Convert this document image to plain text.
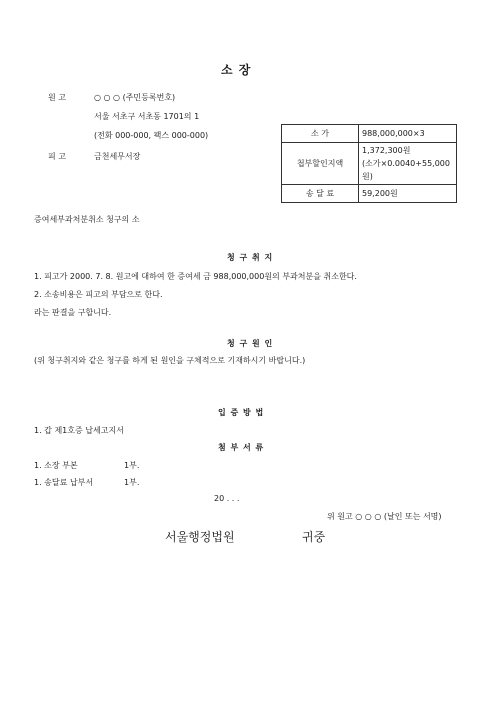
소 장
원 고	○ ○ ○ (주민등록번호)
서울 서초구 서초동 1701의 1
(전화 000-000, 팩스 000-000)
피 고	금천세무서장
소 가	988,000,000×3
첩부할인지액	1,372,300원
(소가×0.0040+55,000
원)

송 달 료	59,200원
증여세부과처분취소 청구의 소
청 구 취 지
1. 피고가 2000. 7. 8. 원고에 대하여 한 증여세 금 988,000,000원의 부과처분을 취소한다.
2. 소송비용은 피고의 부담으로 한다.
라는 판결을 구합니다.
청 구 원 인
(위 청구취지와 같은 청구를 하게 된 원인을 구체적으로 기재하시기 바랍니다.)
입 증 방 법
1. 갑 제1호증 납세고지서
첨 부 서 류
1. 소장 부본	1부.
1. 송달료 납부서	1부.
20 . . .
위 원고 ○ ○ ○ (날인 또는 서명)
서울행정법원	귀중
